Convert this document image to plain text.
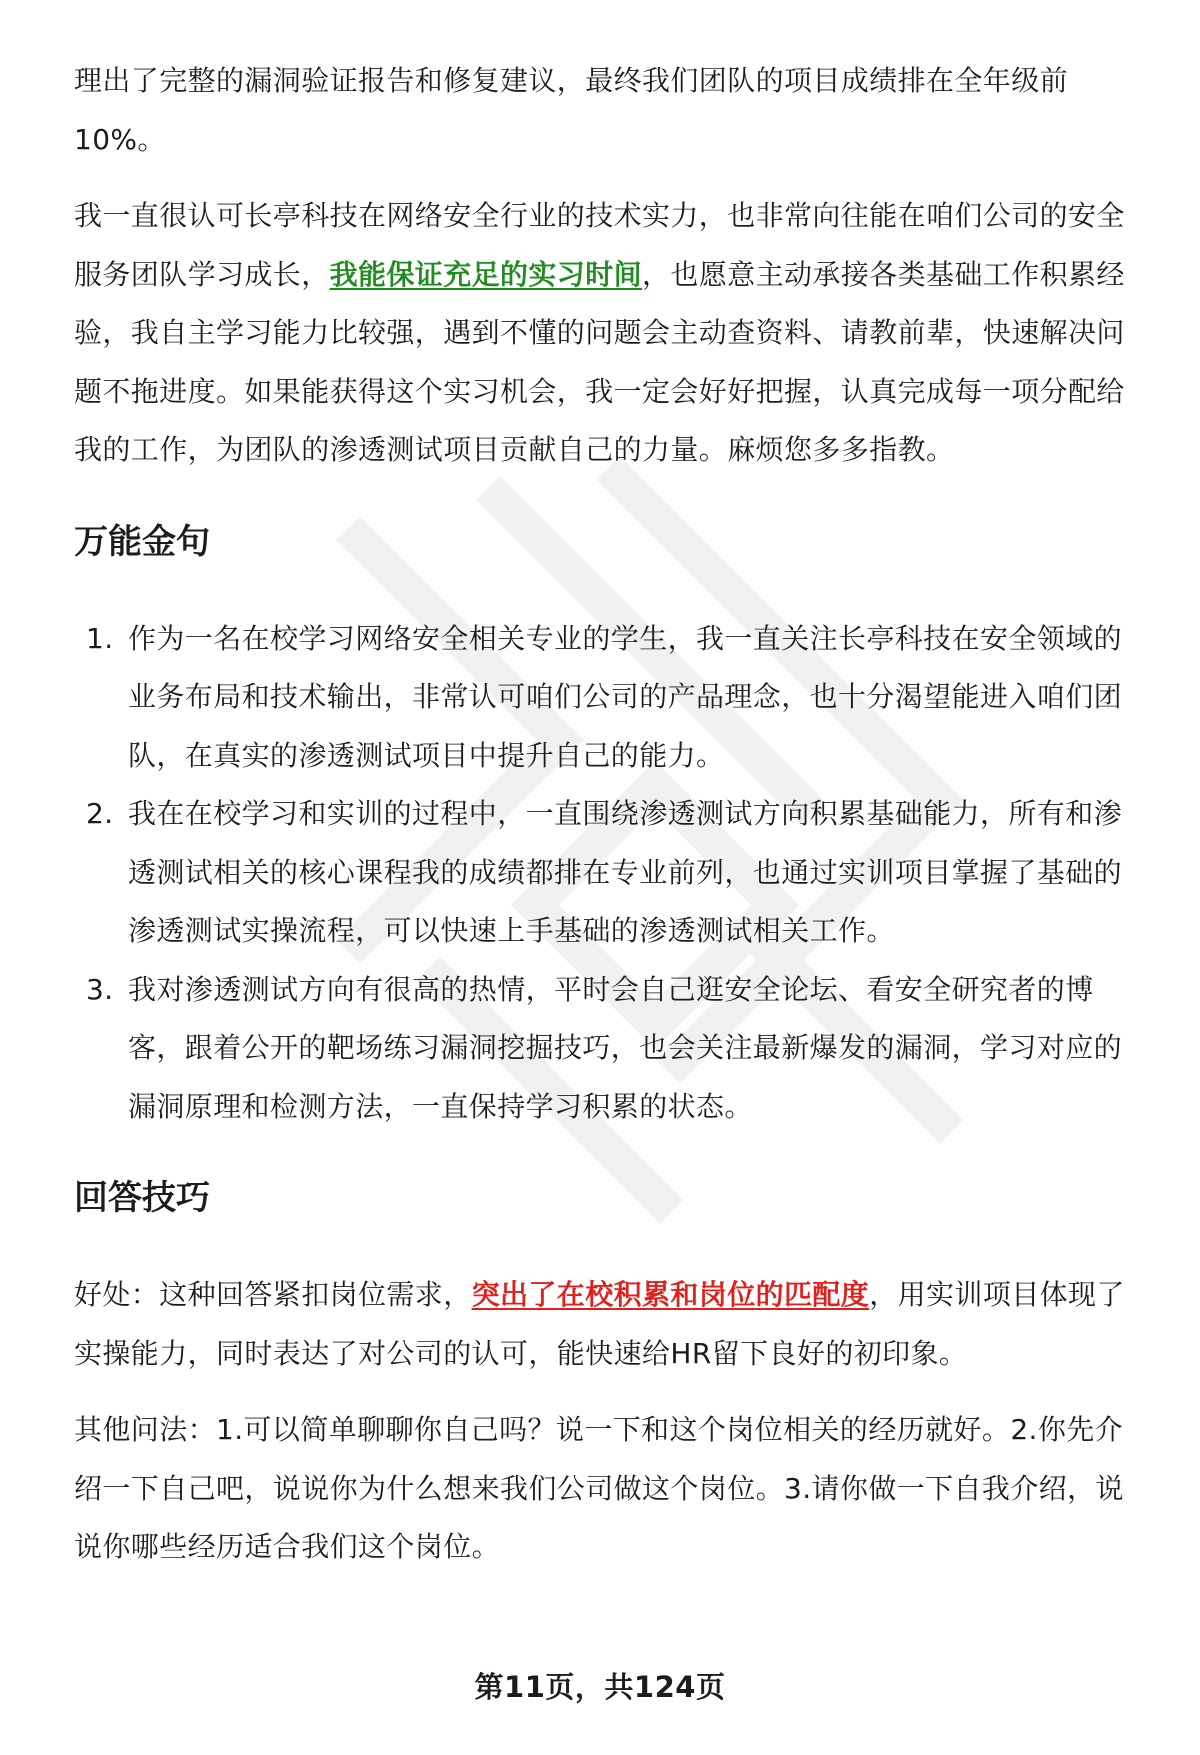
理出了完整的漏洞验证报告和修复建议，最终我们团队的项目成绩排在全年级前10%。

我一直很认可长亭科技在网络安全行业的技术实力，也非常向往能在咱们公司的安全服务团队学习成长，我能保证充足的实习时间，也愿意主动承接各类基础工作积累经验，我自主学习能力比较强，遇到不懂的问题会主动查资料、请教前辈，快速解决问题不拖进度。如果能获得这个实习机会，我一定会好好把握，认真完成每一项分配给我的工作，为团队的渗透测试项目贡献自己的力量。麻烦您多多指教。

万能金句
1. 作为一名在校学习网络安全相关专业的学生，我一直关注长亭科技在安全领域的业务布局和技术输出，非常认可咱们公司的产品理念，也十分渴望能进入咱们团队，在真实的渗透测试项目中提升自己的能力。
2. 我在在校学习和实训的过程中，一直围绕渗透测试方向积累基础能力，所有和渗透测试相关的核心课程我的成绩都排在专业前列，也通过实训项目掌握了基础的渗透测试实操流程，可以快速上手基础的渗透测试相关工作。
3. 我对渗透测试方向有很高的热情，平时会自己逛安全论坛、看安全研究者的博客，跟着公开的靶场练习漏洞挖掘技巧，也会关注最新爆发的漏洞，学习对应的漏洞原理和检测方法，一直保持学习积累的状态。
回答技巧

好处：这种回答紧扣岗位需求，突出了在校积累和岗位的匹配度，用实训项目体现了实操能力，同时表达了对公司的认可，能快速给HR留下良好的初印象。

其他问法：1.可以简单聊聊你自己吗？说一下和这个岗位相关的经历就好。2.你先介绍一下自己吧，说说你为什么想来我们公司做这个岗位。3.请你做一下自我介绍，说说你哪些经历适合我们这个岗位。

第11页，共124页
